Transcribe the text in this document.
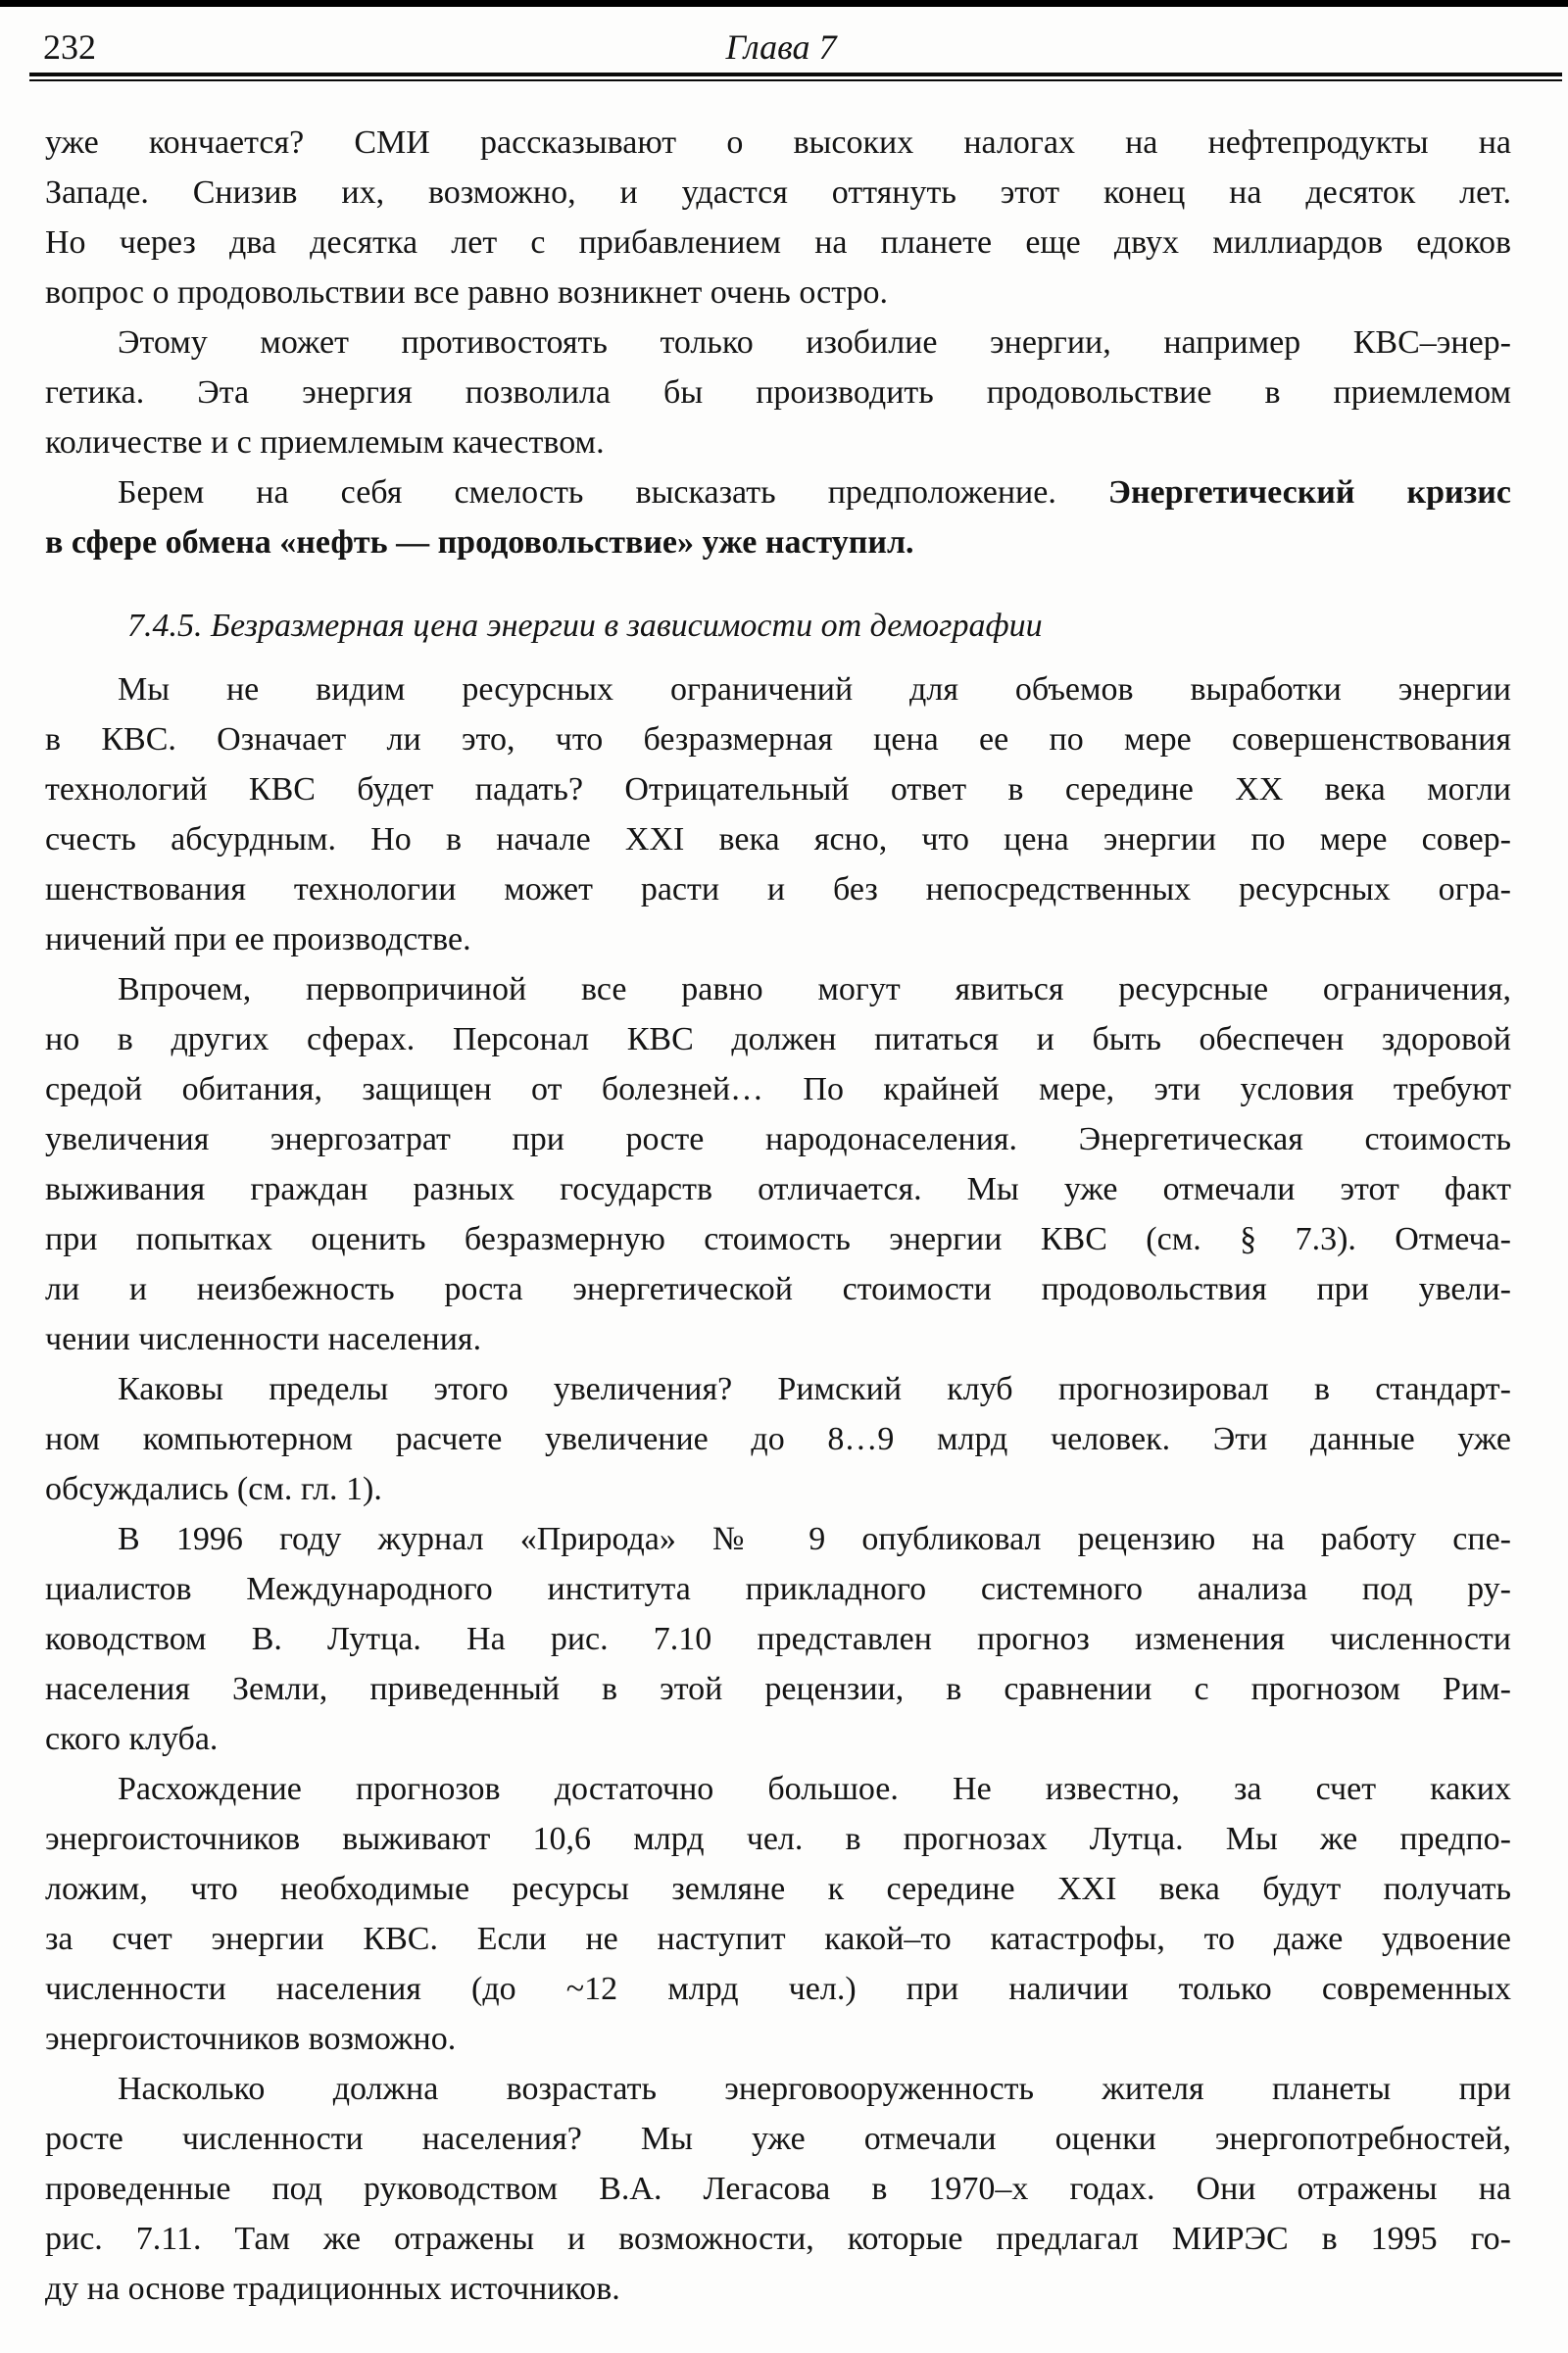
232	Глава 7
уже кончается? СМИ рассказывают о высоких налогах на нефтепродукты на
Западе. Снизив их, возможно, и удастся оттянуть этот конец на десяток лет.
Но через два десятка лет с прибавлением на планете еще двух миллиардов едоков
вопрос о продовольствии все равно возникнет очень остро.
Этому может противостоять только изобилие энергии, например КВС–энер-
гетика. Эта энергия позволила бы производить продовольствие в приемлемом
количестве и с приемлемым качеством.
Берем на себя смелость высказать предположение. Энергетический кризис
в сфере обмена «нефть — продовольствие» уже наступил.
7.4.5. Безразмерная цена энергии в зависимости от демографии
Мы не видим ресурсных ограничений для объемов выработки энергии
в КВС. Означает ли это, что безразмерная цена ее по мере совершенствования
технологий КВС будет падать? Отрицательный ответ в середине XX века могли
счесть абсурдным. Но в начале XXI века ясно, что цена энергии по мере совер-
шенствования технологии может расти и без непосредственных ресурсных огра-
ничений при ее производстве.
Впрочем, первопричиной все равно могут явиться ресурсные ограничения,
но в других сферах. Персонал КВС должен питаться и быть обеспечен здоровой
средой обитания, защищен от болезней… По крайней мере, эти условия требуют
увеличения энергозатрат при росте народонаселения. Энергетическая стоимость
выживания граждан разных государств отличается. Мы уже отмечали этот факт
при попытках оценить безразмерную стоимость энергии КВС (см. § 7.3). Отмеча-
ли и неизбежность роста энергетической стоимости продовольствия при увели-
чении численности населения.
Каковы пределы этого увеличения? Римский клуб прогнозировал в стандарт-
ном компьютерном расчете увеличение до 8…9 млрд человек. Эти данные уже
обсуждались (см. гл. 1).
В 1996 году журнал «Природа» № 9 опубликовал рецензию на работу спе-
циалистов Международного института прикладного системного анализа под ру-
ководством В. Лутца. На рис. 7.10 представлен прогноз изменения численности
населения Земли, приведенный в этой рецензии, в сравнении с прогнозом Рим-
ского клуба.
Расхождение прогнозов достаточно большое. Не известно, за счет каких
энергоисточников выживают 10,6 млрд чел. в прогнозах Лутца. Мы же предпо-
ложим, что необходимые ресурсы земляне к середине XXI века будут получать
за счет энергии КВС. Если не наступит какой–то катастрофы, то даже удвоение
численности населения (до ~12 млрд чел.) при наличии только современных
энергоисточников возможно.
Насколько должна возрастать энерговооруженность жителя планеты при
росте численности населения? Мы уже отмечали оценки энергопотребностей,
проведенные под руководством В.А. Легасова в 1970–х годах. Они отражены на
рис. 7.11. Там же отражены и возможности, которые предлагал МИРЭС в 1995 го-
ду на основе традиционных источников.
